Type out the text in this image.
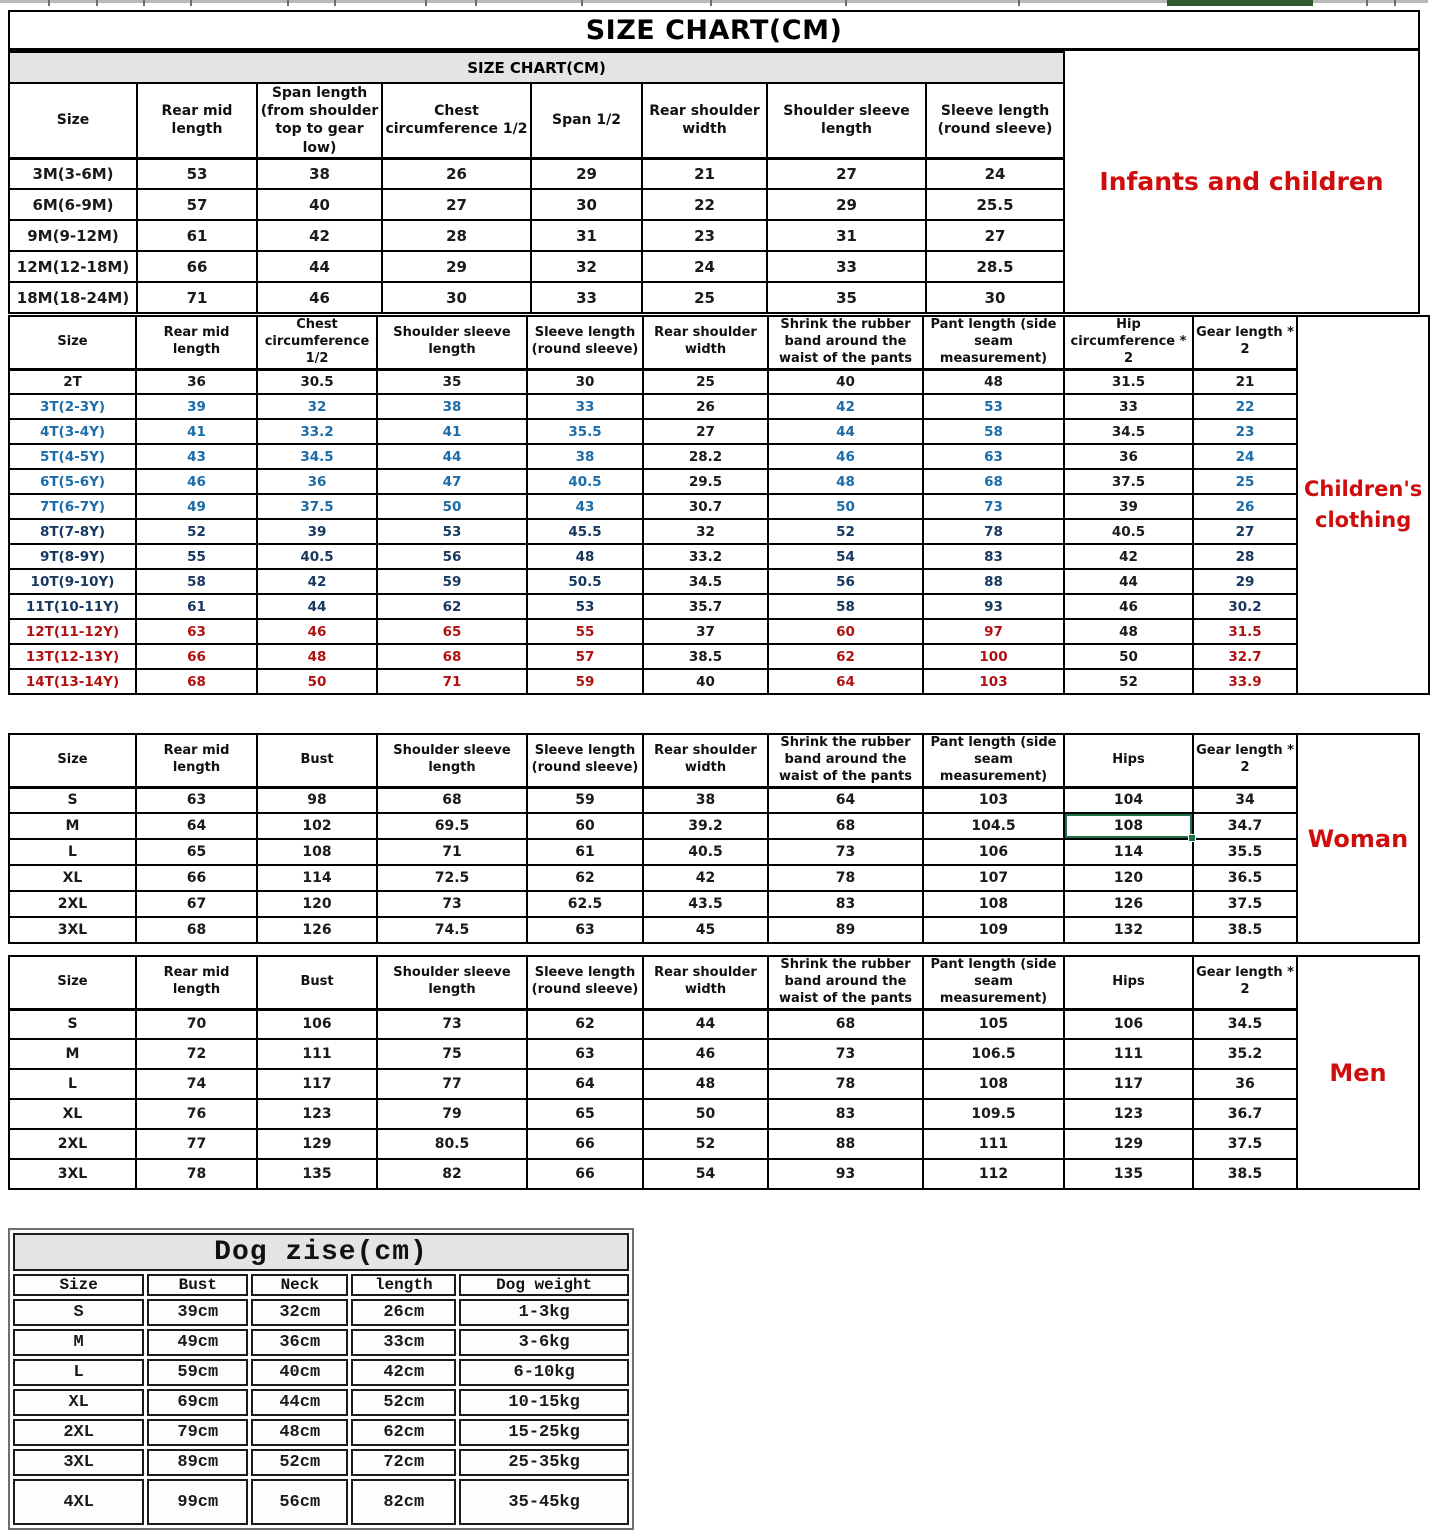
SIZE CHART(CM)
SIZE CHART(CM)							
Size	Rear mid length	Span length (from shoulder top to gear low)	Chest circumference 1/2	Span 1/2	Rear shoulder width	Shoulder sleeve length	Sleeve length (round sleeve)
3M(3-6M)	53	38	26	29	21	27	24
6M(6-9M)	57	40	27	30	22	29	25.5
9M(9-12M)	61	42	28	31	23	31	27
12M(12-18M)	66	44	29	32	24	33	28.5
18M(18-24M)	71	46	30	33	25	35	30
Infants and children
Size	Rear mid length	Chest circumference 1/2	Shoulder sleeve length	Sleeve length (round sleeve)	Rear shoulder width	Shrink the rubber band around the waist of the pants	Pant length (side seam measurement)	Hip circumference * 2	Gear length * 2
2T	36	30.5	35	30	25	40	48	31.5	21
3T(2-3Y)	39	32	38	33	26	42	53	33	22
4T(3-4Y)	41	33.2	41	35.5	27	44	58	34.5	23
5T(4-5Y)	43	34.5	44	38	28.2	46	63	36	24
6T(5-6Y)	46	36	47	40.5	29.5	48	68	37.5	25
7T(6-7Y)	49	37.5	50	43	30.7	50	73	39	26
8T(7-8Y)	52	39	53	45.5	32	52	78	40.5	27
9T(8-9Y)	55	40.5	56	48	33.2	54	83	42	28
10T(9-10Y)	58	42	59	50.5	34.5	56	88	44	29
11T(10-11Y)	61	44	62	53	35.7	58	93	46	30.2
12T(11-12Y)	63	46	65	55	37	60	97	48	31.5
13T(12-13Y)	66	48	68	57	38.5	62	100	50	32.7
14T(13-14Y)	68	50	71	59	40	64	103	52	33.9
Children's clothing
Size	Rear mid length	Bust	Shoulder sleeve length	Sleeve length (round sleeve)	Rear shoulder width	Shrink the rubber band around the waist of the pants	Pant length (side seam measurement)	Hips	Gear length * 2
S	63	98	68	59	38	64	103	104	34
M	64	102	69.5	60	39.2	68	104.5	108	34.7
L	65	108	71	61	40.5	73	106	114	35.5
XL	66	114	72.5	62	42	78	107	120	36.5
2XL	67	120	73	62.5	43.5	83	108	126	37.5
3XL	68	126	74.5	63	45	89	109	132	38.5
Woman
Size	Rear mid length	Bust	Shoulder sleeve length	Sleeve length (round sleeve)	Rear shoulder width	Shrink the rubber band around the waist of the pants	Pant length (side seam measurement)	Hips	Gear length * 2
S	70	106	73	62	44	68	105	106	34.5
M	72	111	75	63	46	73	106.5	111	35.2
L	74	117	77	64	48	78	108	117	36
XL	76	123	79	65	50	83	109.5	123	36.7
2XL	77	129	80.5	66	52	88	111	129	37.5
3XL	78	135	82	66	54	93	112	135	38.5
Men
Dog zise(cm)				
Size	Bust	Neck	length	Dog weight
S	39cm	32cm	26cm	1-3kg
M	49cm	36cm	33cm	3-6kg
L	59cm	40cm	42cm	6-10kg
XL	69cm	44cm	52cm	10-15kg
2XL	79cm	48cm	62cm	15-25kg
3XL	89cm	52cm	72cm	25-35kg
4XL	99cm	56cm	82cm	35-45kg
